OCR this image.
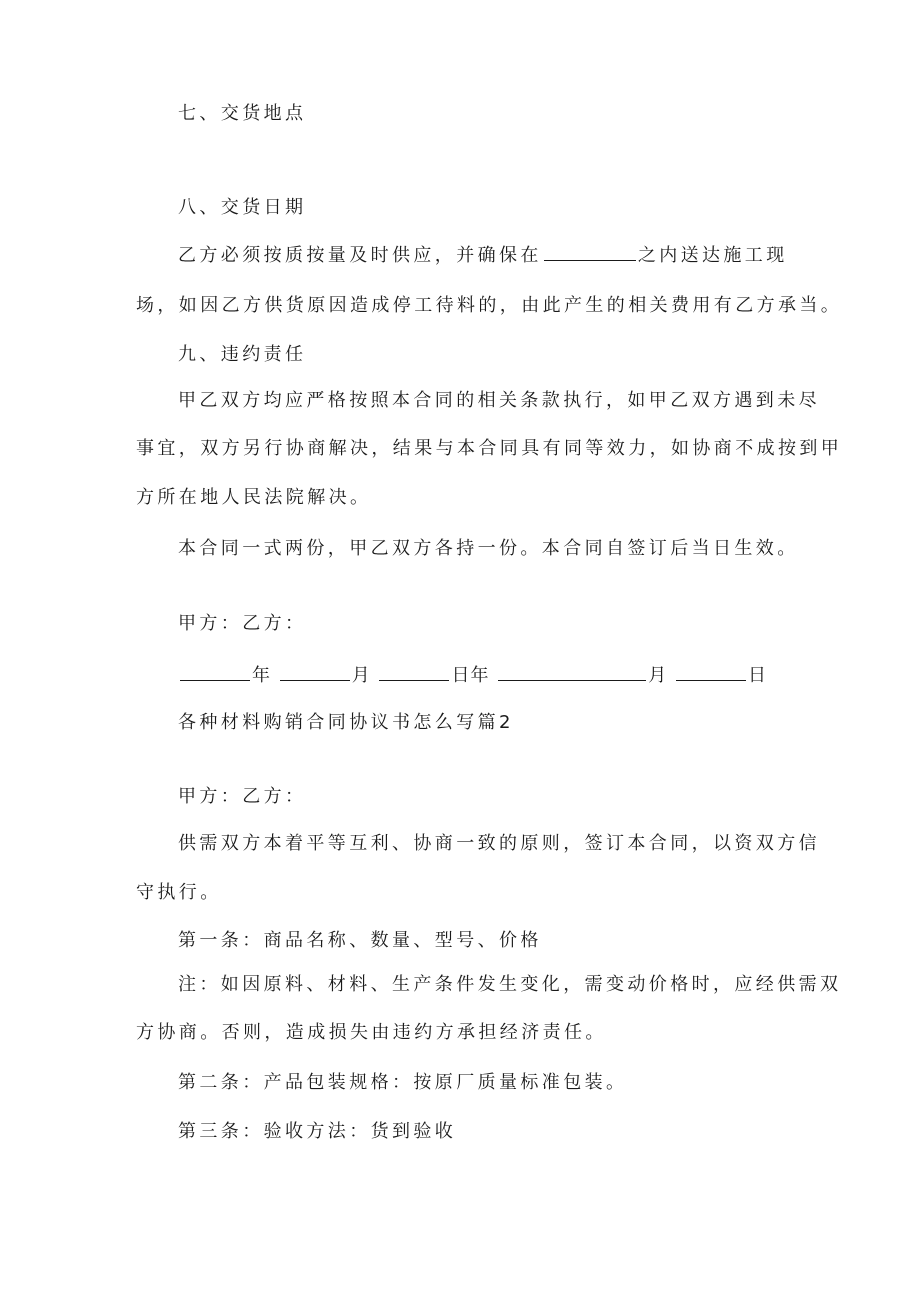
七、交货地点
八、交货日期
乙方必须按质按量及时供应，并确保在	之内送达施工现
场，如因乙方供货原因造成停工待料的，由此产生的相关费用有乙方承当。
九、违约责任
甲乙双方均应严格按照本合同的相关条款执行，如甲乙双方遇到未尽
事宜，双方另行协商解决，结果与本合同具有同等效力，如协商不成按到甲
方所在地人民法院解决。
本合同一式两份，甲乙双方各持一份。本合同自签订后当日生效。
甲方：乙方：
年	月	日年	月	日
各种材料购销合同协议书怎么写篇2
甲方：乙方：
供需双方本着平等互利、协商一致的原则，签订本合同，以资双方信
守执行。
第一条：商品名称、数量、型号、价格
注：如因原料、材料、生产条件发生变化，需变动价格时，应经供需双
方协商。否则，造成损失由违约方承担经济责任。
第二条：产品包装规格：按原厂质量标准包装。
第三条：验收方法：货到验收
